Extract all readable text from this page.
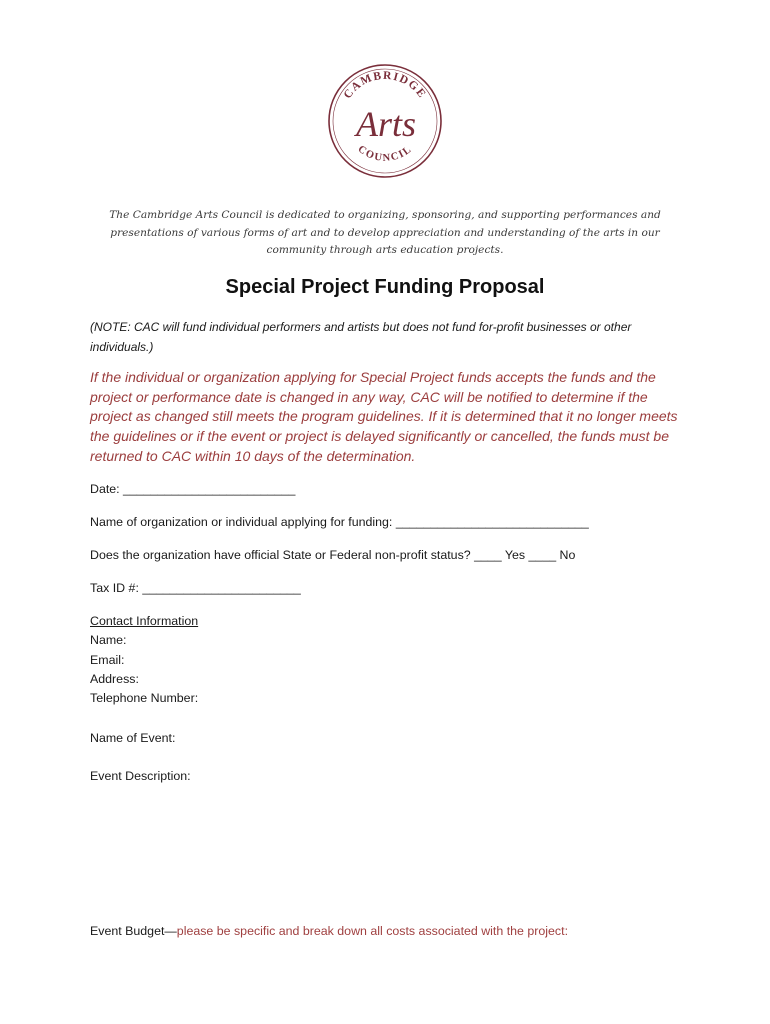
CAMBRIDGE
Arts
COUNCIL
The Cambridge Arts Council is dedicated to organizing, sponsoring, and supporting performances and presentations of various forms of art and to develop appreciation and understanding of the arts in our community through arts education projects.
Special Project Funding Proposal
(NOTE: CAC will fund individual performers and artists but does not fund for-profit businesses or other individuals.)
If the individual or organization applying for Special Project funds accepts the funds and the project or performance date is changed in any way, CAC will be notified to determine if the project as changed still meets the program guidelines. If it is determined that it no longer meets the guidelines or if the event or project is delayed significantly or cancelled, the funds must be returned to CAC within 10 days of the determination.
Date: _________________________
Name of organization or individual applying for funding: ____________________________
Does the organization have official State or Federal non-profit status? ____ Yes ____ No
Tax ID #: _______________________
Contact Information
Name:
Email:
Address:
Telephone Number:
Name of Event:
Event Description:
Event Budget—please be specific and break down all costs associated with the project:
